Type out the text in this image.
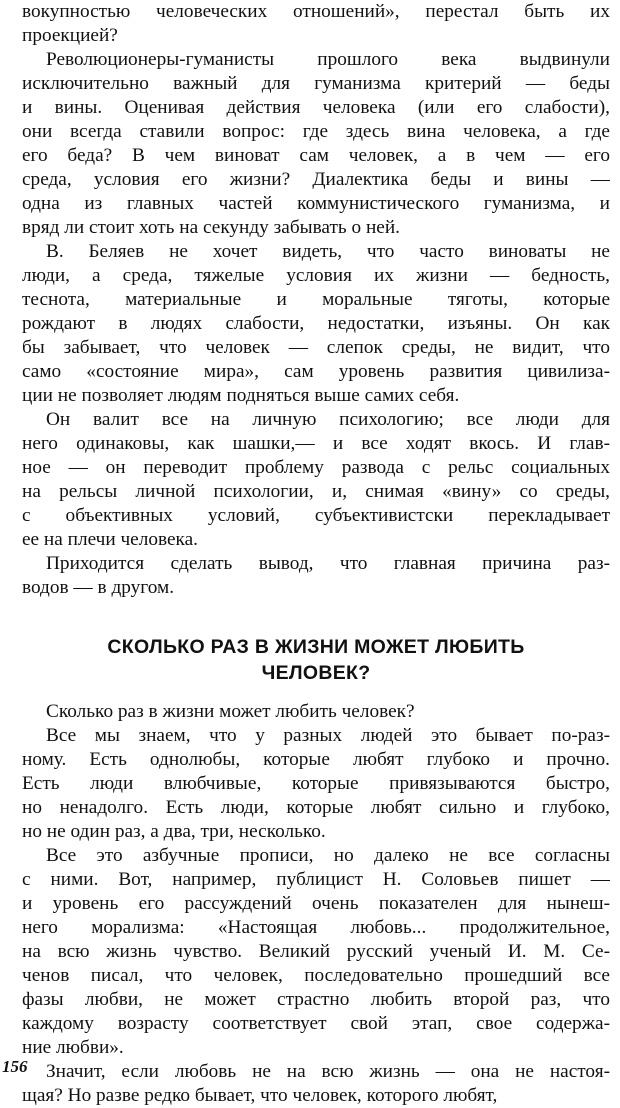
вокупностью человеческих отношений», перестал быть их
проекцией?
Революционеры-гуманисты прошлого века выдвинули
исключительно важный для гуманизма критерий — беды
и вины. Оценивая действия человека (или его слабости),
они всегда ставили вопрос: где здесь вина человека, а где
его беда? В чем виноват сам человек, а в чем — его
среда, условия его жизни? Диалектика беды и вины —
одна из главных частей коммунистического гуманизма, и
вряд ли стоит хоть на секунду забывать о ней.
В. Беляев не хочет видеть, что часто виноваты не
люди, а среда, тяжелые условия их жизни — бедность,
теснота, материальные и моральные тяготы, которые
рождают в людях слабости, недостатки, изъяны. Он как
бы забывает, что человек — слепок среды, не видит, что
само «состояние мира», сам уровень развития цивилиза-
ции не позволяет людям подняться выше самих себя.
Он валит все на личную психологию; все люди для
него одинаковы, как шашки,— и все ходят вкось. И глав-
ное — он переводит проблему развода с рельс социальных
на рельсы личной психологии, и, снимая «вину» со среды,
с объективных условий, субъективистски перекладывает
ее на плечи человека.
Приходится сделать вывод, что главная причина раз-
водов — в другом.
СКОЛЬКО РАЗ В ЖИЗНИ МОЖЕТ ЛЮБИТЬ
ЧЕЛОВЕК?
Сколько раз в жизни может любить человек?
Все мы знаем, что у разных людей это бывает по-раз-
ному. Есть однолюбы, которые любят глубоко и прочно.
Есть люди влюбчивые, которые привязываются быстро,
но ненадолго. Есть люди, которые любят сильно и глубоко,
но не один раз, а два, три, несколько.
Все это азбучные прописи, но далеко не все согласны
с ними. Вот, например, публицист Н. Соловьев пишет —
и уровень его рассуждений очень показателен для нынеш-
него морализма: «Настоящая любовь... продолжительное,
на всю жизнь чувство. Великий русский ученый И. М. Се-
ченов писал, что человек, последовательно прошедший все
фазы любви, не может страстно любить второй раз, что
каждому возрасту соответствует свой этап, свое содержа-
ние любви».
Значит, если любовь не на всю жизнь — она не настоя-
щая? Но разве редко бывает, что человек, которого любят,
156
